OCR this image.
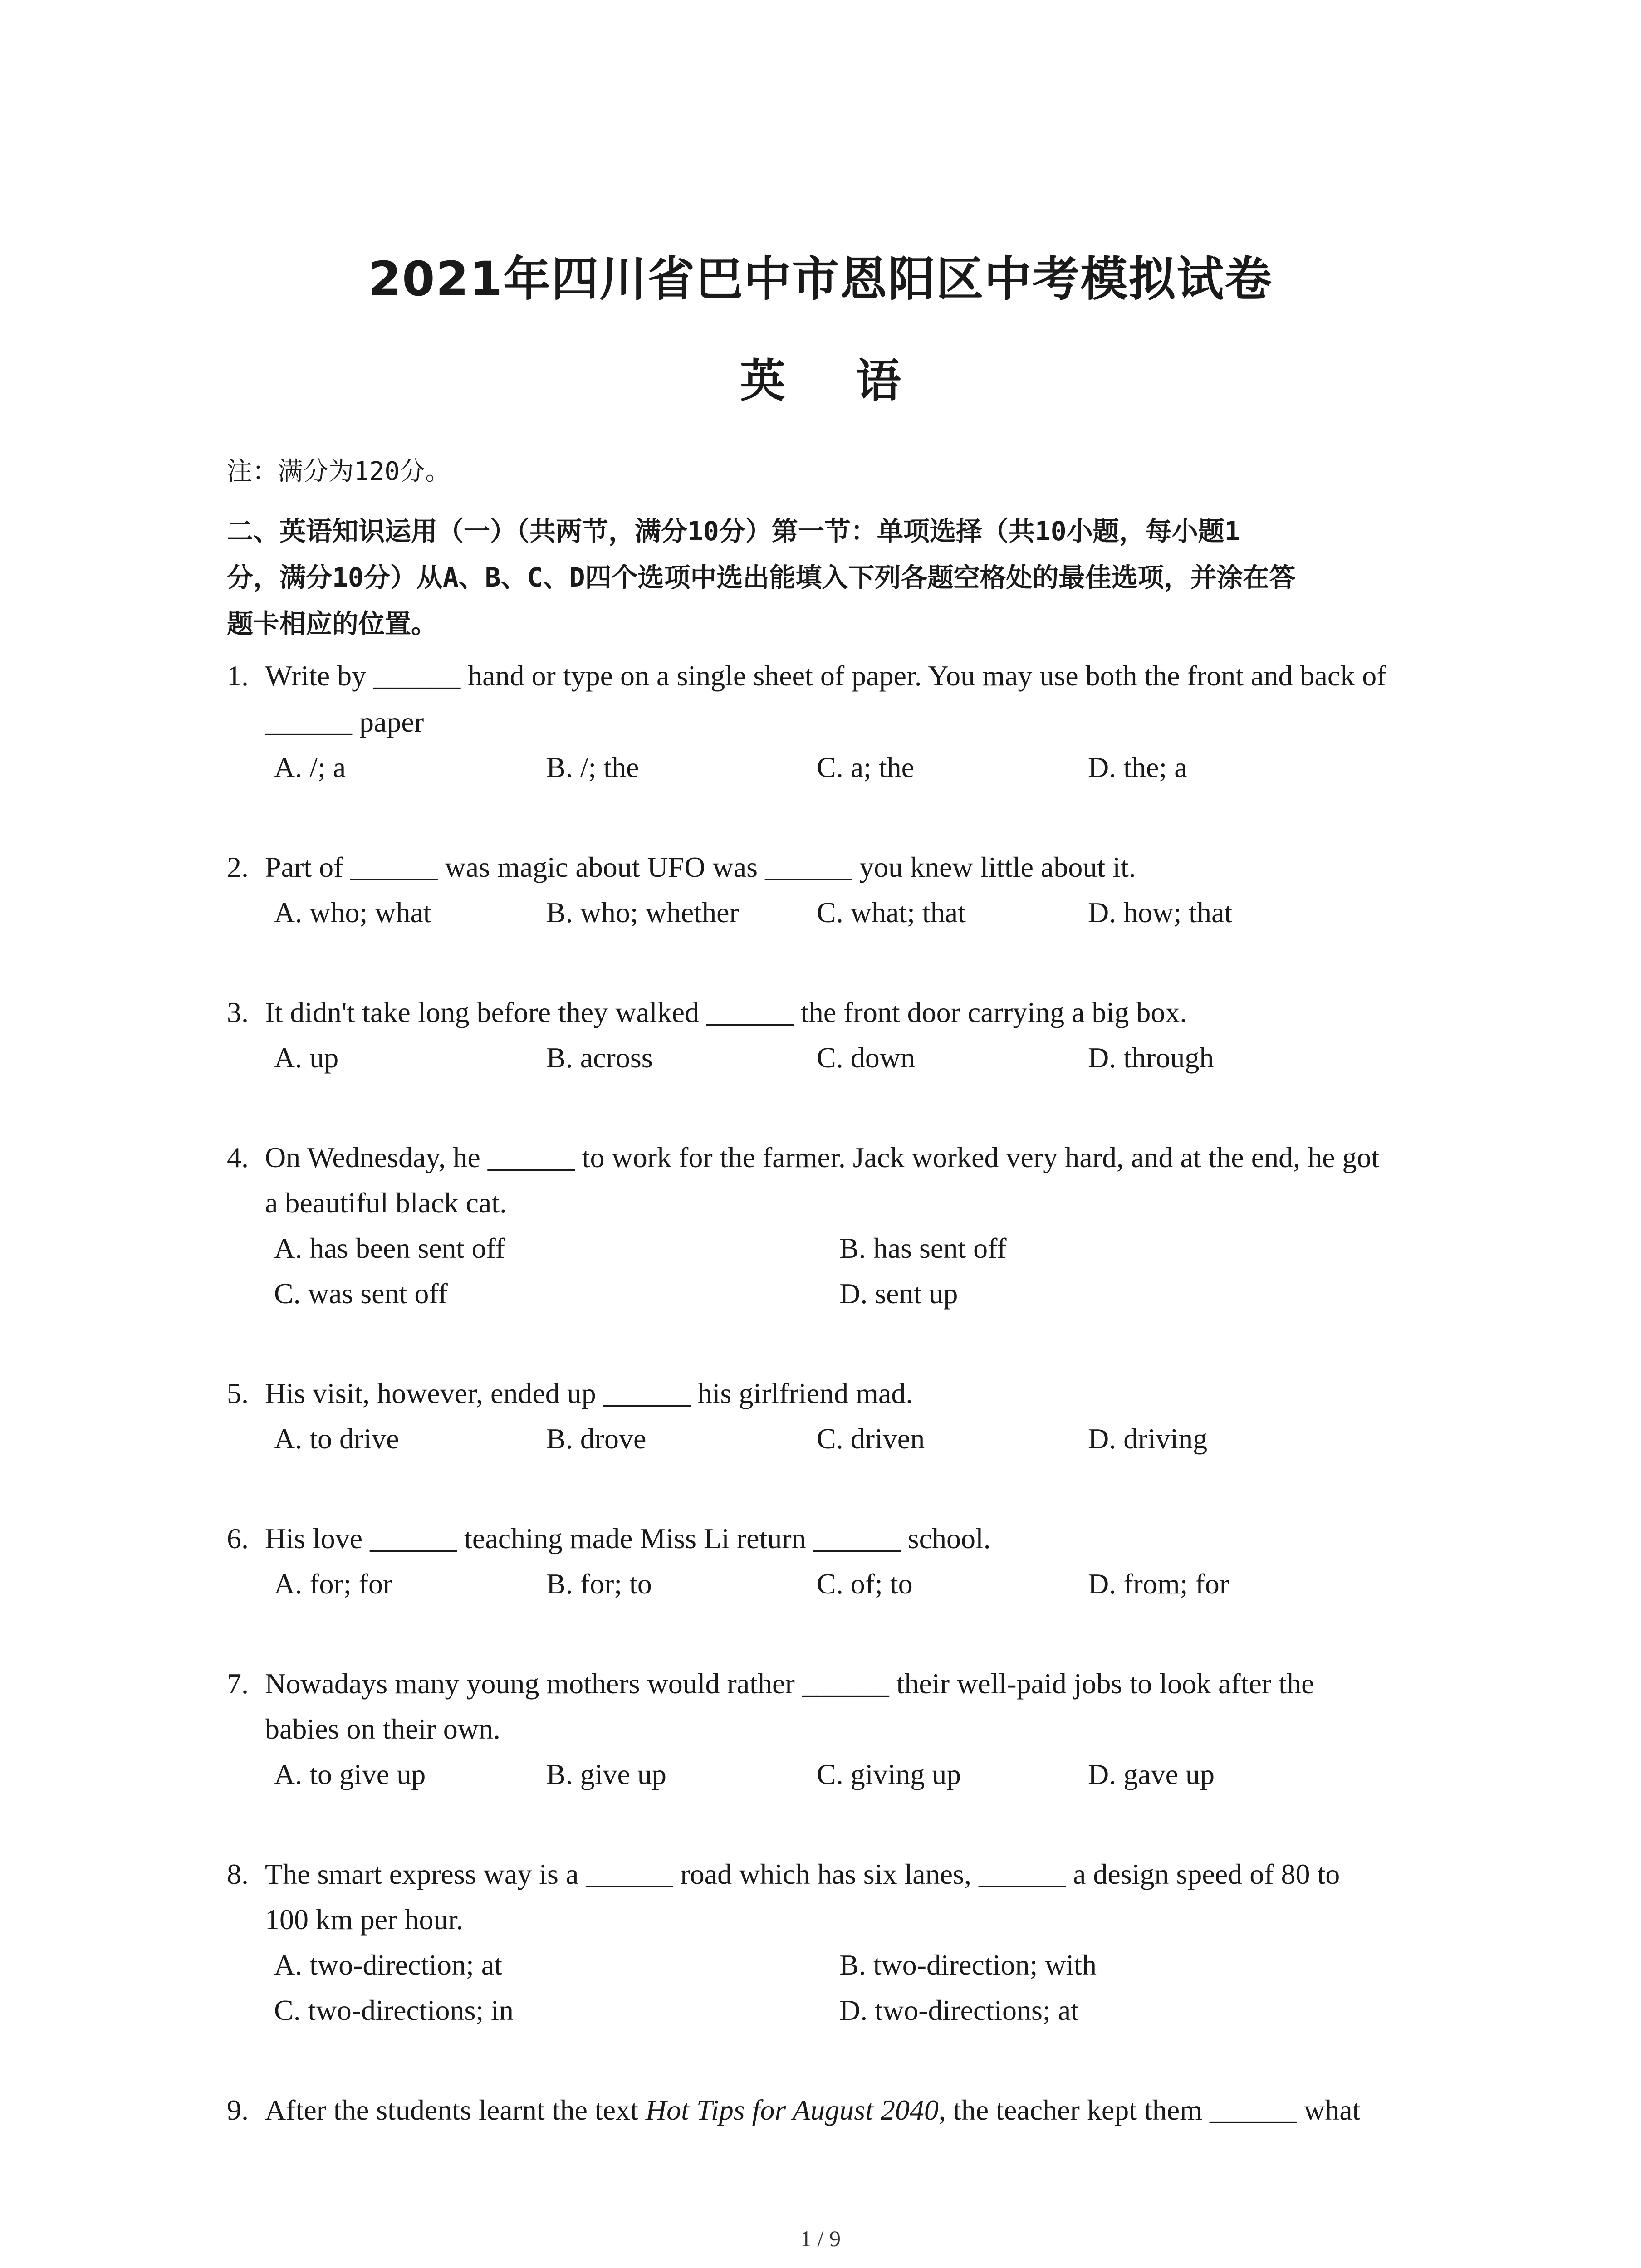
2021年四川省巴中市恩阳区中考模拟试卷
英 语
注：满分为120分。
二、英语知识运用（一）（共两节，满分10分）第一节：单项选择（共10小题，每小题1
分，满分10分）从A、B、C、D四个选项中选出能填入下列各题空格处的最佳选项，并涂在答
题卡相应的位置。
1. Write by ______ hand or type on a single sheet of paper. You may use both the front and back of
______ paper
A. /; a	B. /; the	C. a; the	D. the; a
2. Part of ______ was magic about UFO was ______ you knew little about it.
A. who; what	B. who; whether	C. what; that	D. how; that
3. It didn't take long before they walked ______ the front door carrying a big box.
A. up	B. across	C. down	D. through
4. On Wednesday, he ______ to work for the farmer. Jack worked very hard, and at the end, he got
a beautiful black cat.
A. has been sent off	B. has sent off
C. was sent off	D. sent up
5. His visit, however, ended up ______ his girlfriend mad.
A. to drive	B. drove	C. driven	D. driving
6. His love ______ teaching made Miss Li return ______ school.
A. for; for	B. for; to	C. of; to	D. from; for
7. Nowadays many young mothers would rather ______ their well-paid jobs to look after the
babies on their own.
A. to give up	B. give up	C. giving up	D. gave up
8. The smart express way is a ______ road which has six lanes, ______ a design speed of 80 to
100 km per hour.
A. two-direction; at	B. two-direction; with
C. two-directions; in	D. two-directions; at
9. After the students learnt the text Hot Tips for August 2040, the teacher kept them ______ what
1 / 9
